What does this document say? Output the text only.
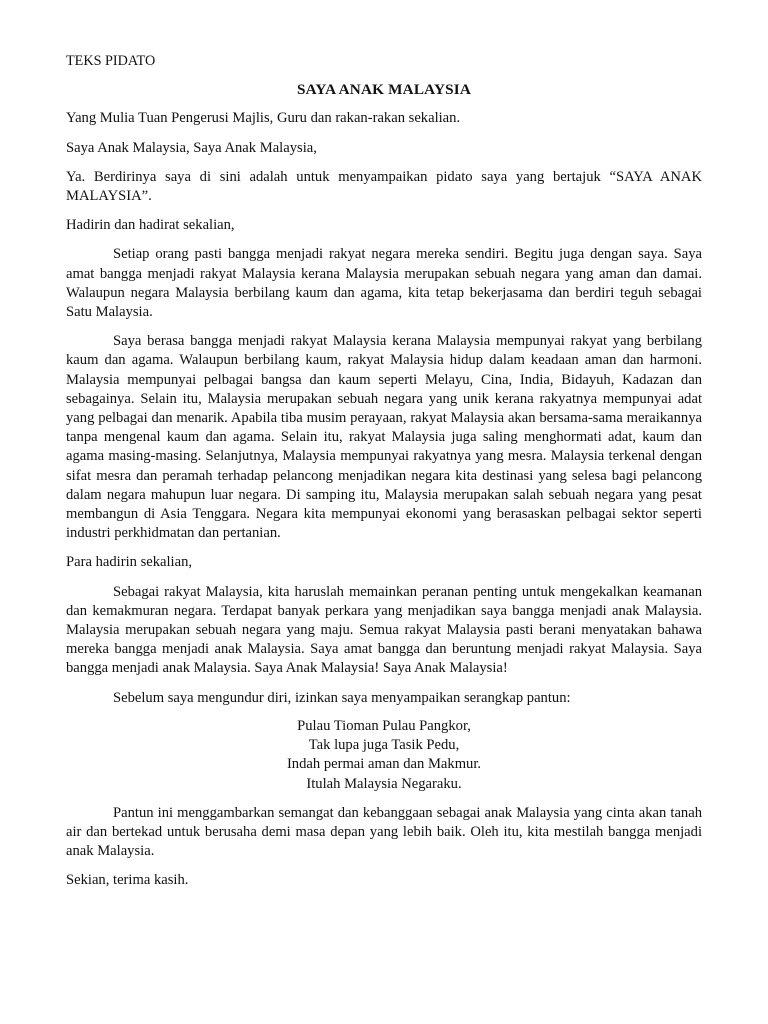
TEKS PIDATO

SAYA ANAK MALAYSIA

Yang Mulia Tuan Pengerusi Majlis, Guru dan rakan-rakan sekalian.

Saya Anak Malaysia, Saya Anak Malaysia,

Ya. Berdirinya saya di sini adalah untuk menyampaikan pidato saya yang bertajuk “SAYA ANAK MALAYSIA”.

Hadirin dan hadirat sekalian,

Setiap orang pasti bangga menjadi rakyat negara mereka sendiri. Begitu juga dengan saya. Saya amat bangga menjadi rakyat Malaysia kerana Malaysia merupakan sebuah negara yang aman dan damai. Walaupun negara Malaysia berbilang kaum dan agama, kita tetap bekerjasama dan berdiri teguh sebagai Satu Malaysia.

Saya berasa bangga menjadi rakyat Malaysia kerana Malaysia mempunyai rakyat yang berbilang kaum dan agama. Walaupun berbilang kaum, rakyat Malaysia hidup dalam keadaan aman dan harmoni. Malaysia mempunyai pelbagai bangsa dan kaum seperti Melayu, Cina, India, Bidayuh, Kadazan dan sebagainya. Selain itu, Malaysia merupakan sebuah negara yang unik kerana rakyatnya mempunyai adat yang pelbagai dan menarik. Apabila tiba musim perayaan, rakyat Malaysia akan bersama-sama meraikannya tanpa mengenal kaum dan agama. Selain itu, rakyat Malaysia juga saling menghormati adat, kaum dan agama masing-masing. Selanjutnya, Malaysia mempunyai rakyatnya yang mesra. Malaysia terkenal dengan sifat mesra dan peramah terhadap pelancong menjadikan negara kita destinasi yang selesa bagi pelancong dalam negara mahupun luar negara. Di samping itu, Malaysia merupakan salah sebuah negara yang pesat membangun di Asia Tenggara. Negara kita mempunyai ekonomi yang berasaskan pelbagai sektor seperti industri perkhidmatan dan pertanian.

Para hadirin sekalian,

Sebagai rakyat Malaysia, kita haruslah memainkan peranan penting untuk mengekalkan keamanan dan kemakmuran negara. Terdapat banyak perkara yang menjadikan saya bangga menjadi anak Malaysia. Malaysia merupakan sebuah negara yang maju. Semua rakyat Malaysia pasti berani menyatakan bahawa mereka bangga menjadi anak Malaysia. Saya amat bangga dan beruntung menjadi rakyat Malaysia. Saya bangga menjadi anak Malaysia. Saya Anak Malaysia! Saya Anak Malaysia!

Sebelum saya mengundur diri, izinkan saya menyampaikan serangkap pantun:

Pulau Tioman Pulau Pangkor,
Tak lupa juga Tasik Pedu,
Indah permai aman dan Makmur.
Itulah Malaysia Negaraku.

Pantun ini menggambarkan semangat dan kebanggaan sebagai anak Malaysia yang cinta akan tanah air dan bertekad untuk berusaha demi masa depan yang lebih baik. Oleh itu, kita mestilah bangga menjadi anak Malaysia.

Sekian, terima kasih.
